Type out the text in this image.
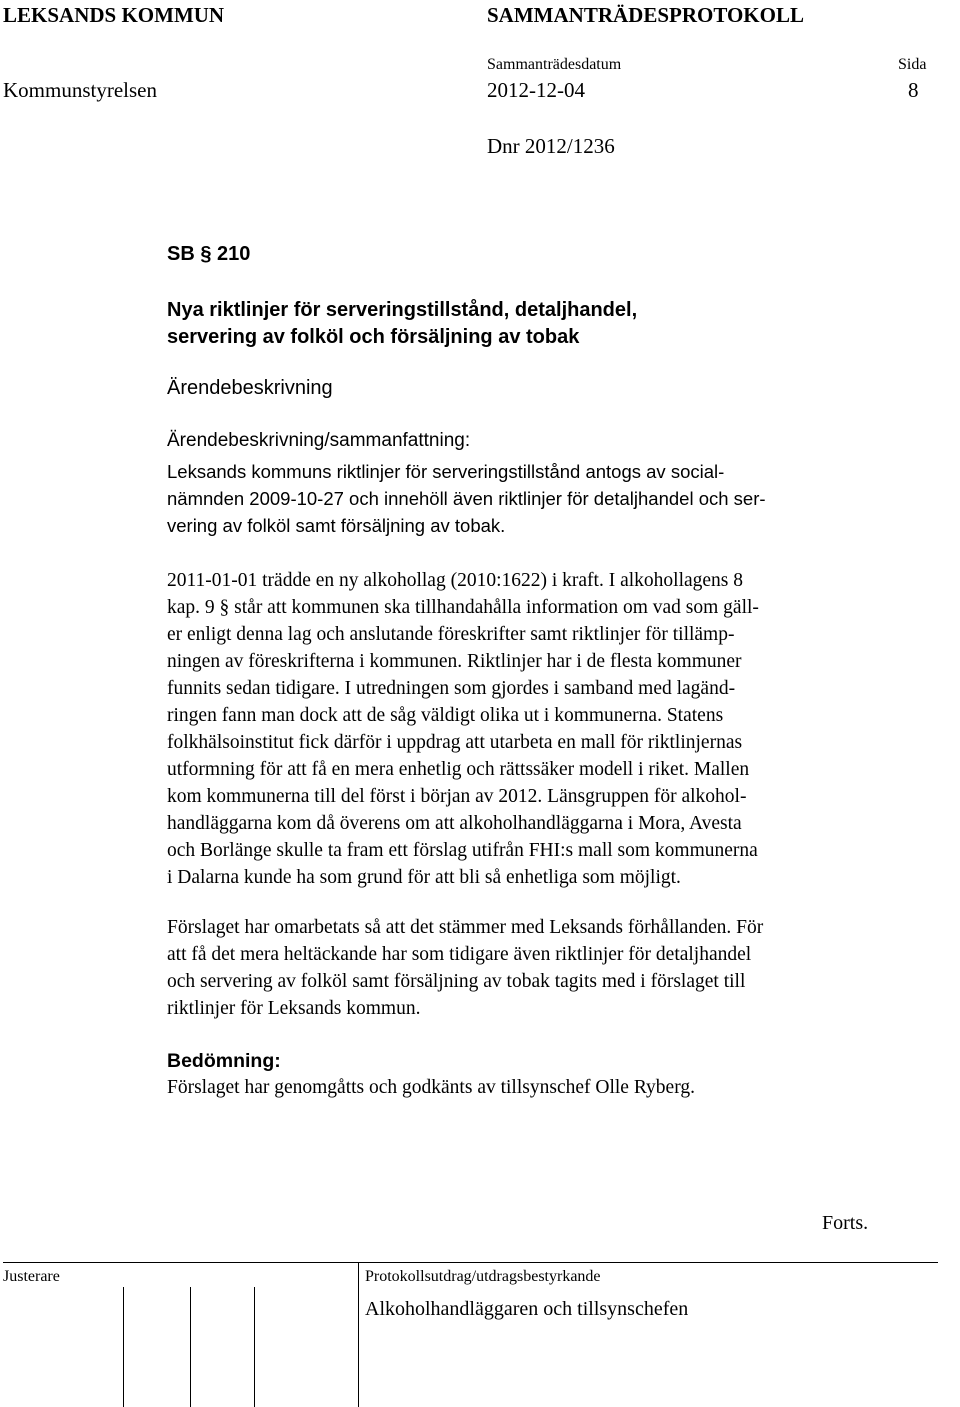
LEKSANDS KOMMUN	SAMMANTRÄDESPROTOKOLL
Sammanträdesdatum	Sida
Kommunstyrelsen	2012-12-04	8
Dnr 2012/1236
SB § 210
Nya riktlinjer för serveringstillstånd, detaljhandel,
servering av folköl och försäljning av tobak
Ärendebeskrivning
Ärendebeskrivning/sammanfattning:
Leksands kommuns riktlinjer för serveringstillstånd antogs av social-
nämnden 2009-10-27 och innehöll även riktlinjer för detaljhandel och ser-
vering av folköl samt försäljning av tobak.
2011-01-01 trädde en ny alkohollag (2010:1622) i kraft. I alkohollagens 8
kap. 9 § står att kommunen ska tillhandahålla information om vad som gäll-
er enligt denna lag och anslutande föreskrifter samt riktlinjer för tillämp-
ningen av föreskrifterna i kommunen. Riktlinjer har i de flesta kommuner
funnits sedan tidigare. I utredningen som gjordes i samband med lagänd-
ringen fann man dock att de såg väldigt olika ut i kommunerna. Statens
folkhälsoinstitut fick därför i uppdrag att utarbeta en mall för riktlinjernas
utformning för att få en mera enhetlig och rättssäker modell i riket. Mallen
kom kommunerna till del först i början av 2012. Länsgruppen för alkohol-
handläggarna kom då överens om att alkoholhandläggarna i Mora, Avesta
och Borlänge skulle ta fram ett förslag utifrån FHI:s mall som kommunerna
i Dalarna kunde ha som grund för att bli så enhetliga som möjligt.
Förslaget har omarbetats så att det stämmer med Leksands förhållanden. För
att få det mera heltäckande har som tidigare även riktlinjer för detaljhandel
och servering av folköl samt försäljning av tobak tagits med i förslaget till
riktlinjer för Leksands kommun.
Bedömning:
Förslaget har genomgåtts och godkänts av tillsynschef Olle Ryberg.
Forts.
Justerare	Protokollsutdrag/utdragsbestyrkande
Alkoholhandläggaren och tillsynschefen
